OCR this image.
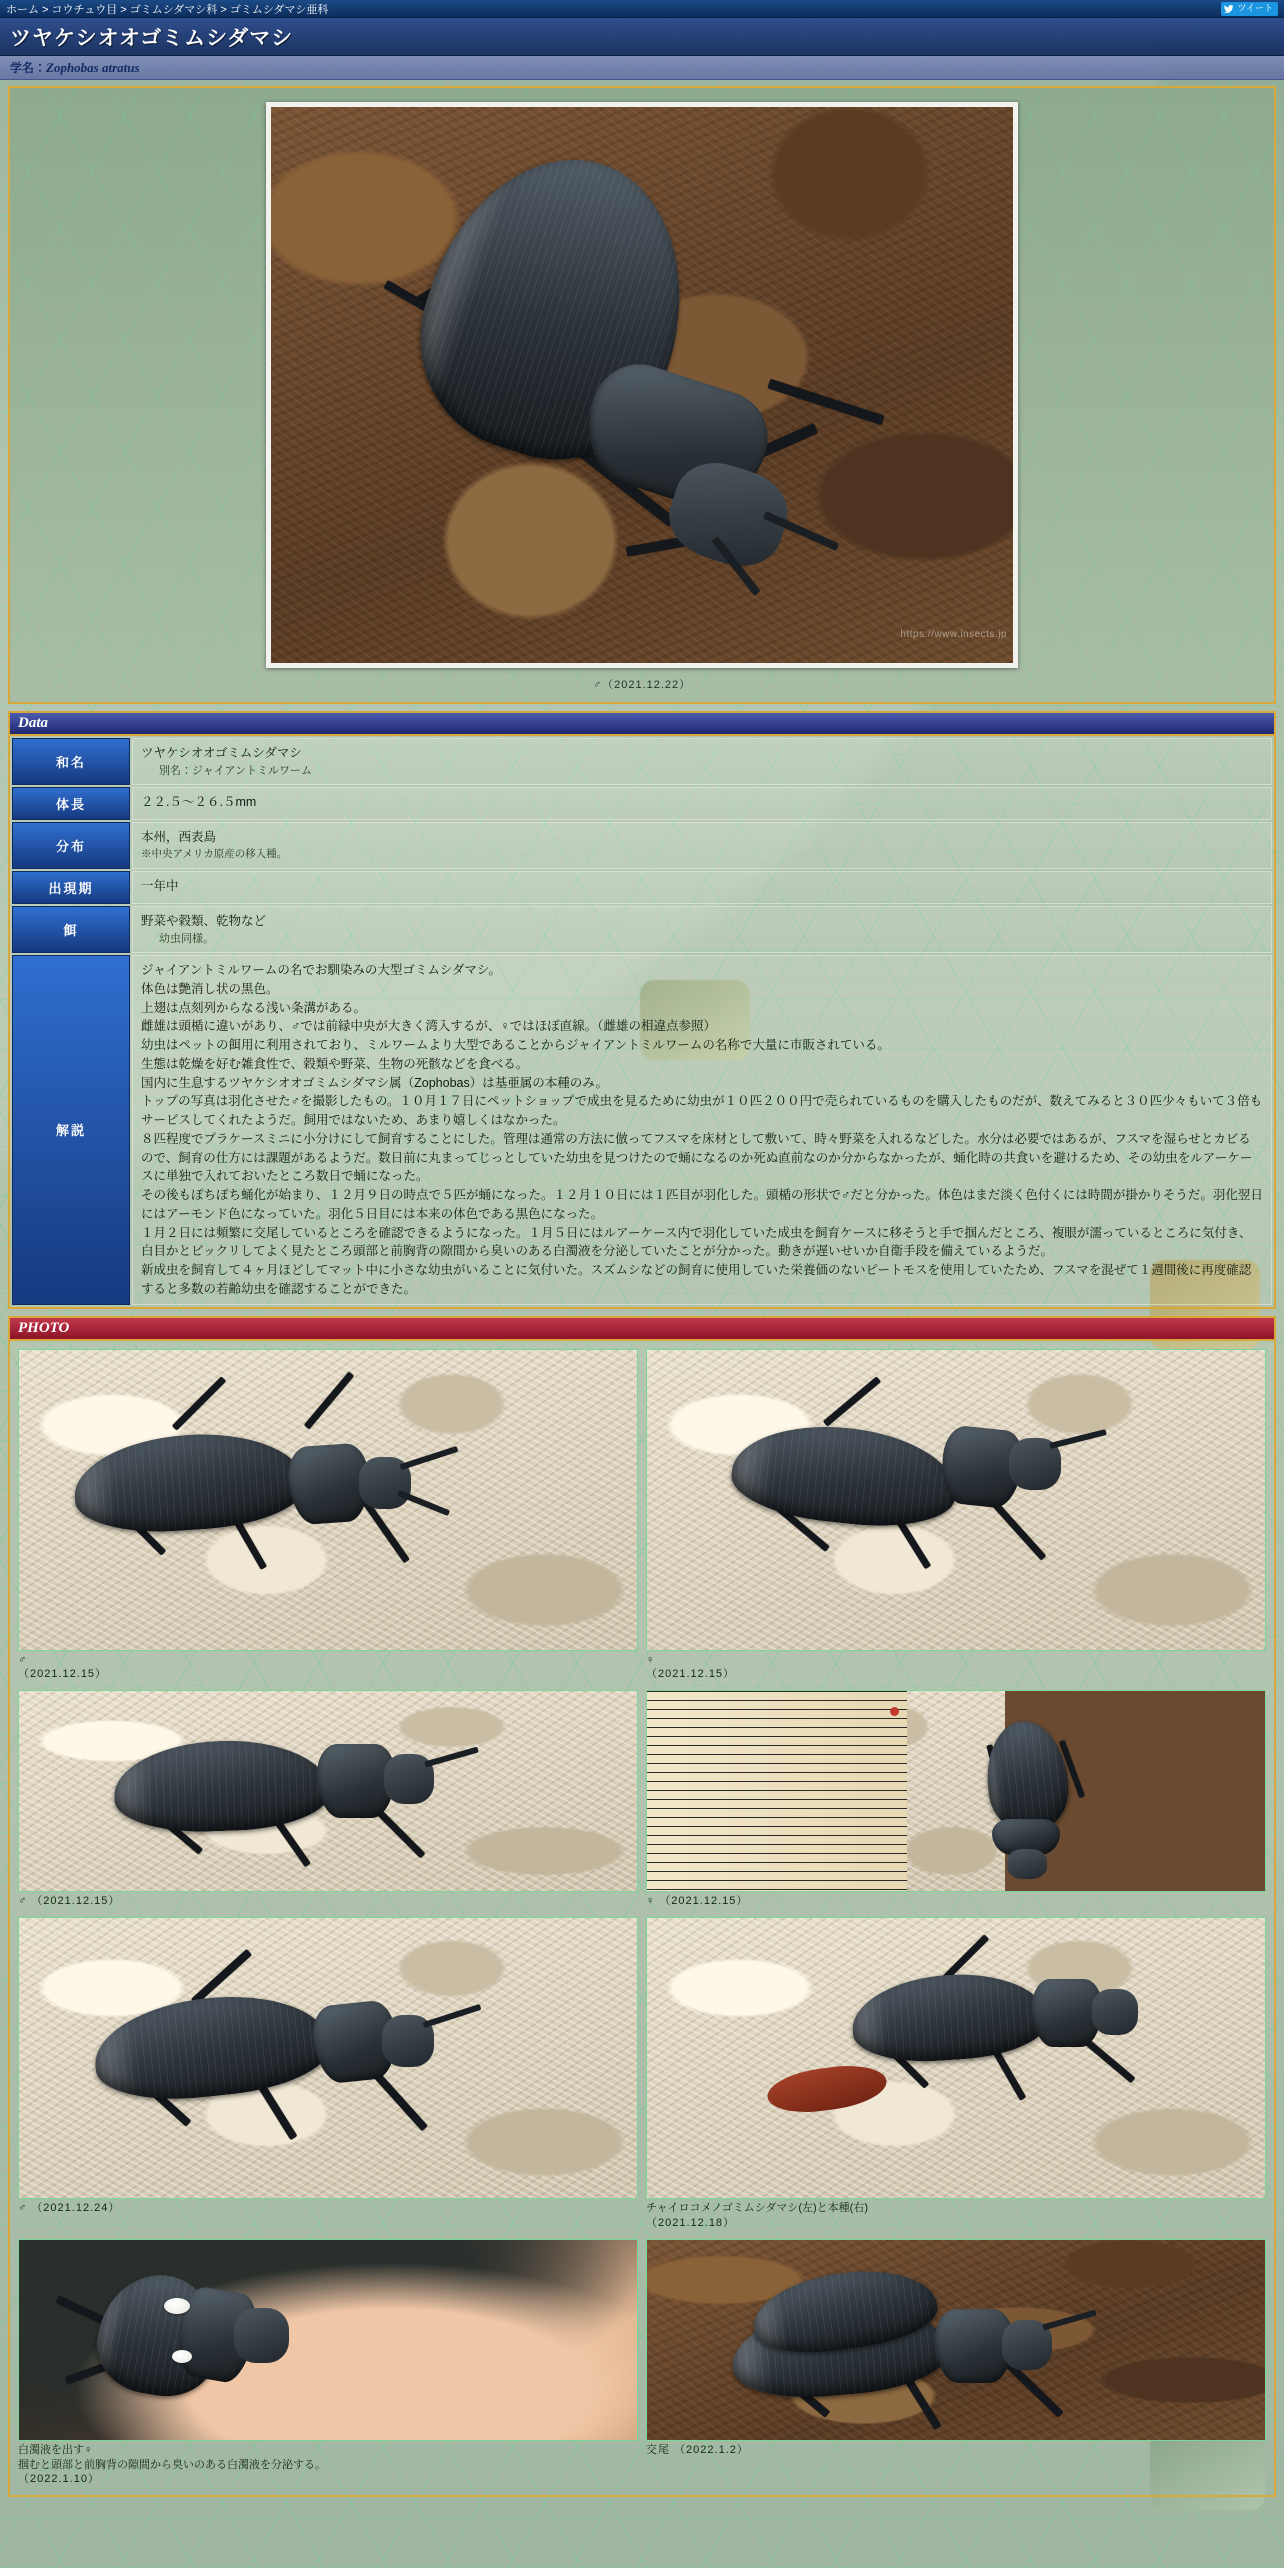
ホーム > コウチュウ目 > ゴミムシダマシ科 > ゴミムシダマシ亜科	ツイート
ツヤケシオオゴミムシダマシ
学名：Zophobas atratus
♂（2021.12.22）
Data
和名	ツヤケシオオゴミムシダマシ
別名：ジャイアントミルワーム

体長	２２.５～２６.５mm

分布	本州，西表島
※中央アメリカ原産の移入種。

出現期	一年中

餌	野菜や穀類、乾物など
幼虫同様。

解説	
ジャイアントミルワームの名でお馴染みの大型ゴミムシダマシ。
体色は艶消し状の黒色。
上翅は点刻列からなる浅い条溝がある。
雌雄は頭楯に違いがあり、♂では前縁中央が大きく湾入するが、♀ではほぼ直線。（雌雄の相違点参照）
幼虫はペットの餌用に利用されており、ミルワームより大型であることからジャイアントミルワームの名称で大量に市販されている。
生態は乾燥を好む雑食性で、穀類や野菜、生物の死骸などを食べる。
国内に生息するツヤケシオオゴミムシダマシ属（Zophobas）は基亜属の本種のみ。
トップの写真は羽化させた♂を撮影したもの。１０月１７日にペットショップで成虫を見るために幼虫が１０匹２００円で売られているものを購入したものだが、数えてみると３０匹少々もいて３倍もサービスしてくれたようだ。飼用ではないため、あまり嬉しくはなかった。
８匹程度でプラケースミニに小分けにして飼育することにした。管理は通常の方法に倣ってフスマを床材として敷いて、時々野菜を入れるなどした。水分は必要ではあるが、フスマを湿らせとカビるので、飼育の仕方には課題があるようだ。数日前に丸まってじっとしていた幼虫を見つけたので蛹になるのか死ぬ直前なのか分からなかったが、蛹化時の共食いを避けるため、その幼虫をルアーケースに単独で入れておいたところ数日で蛹になった。
その後もぽちぽち蛹化が始まり、１２月９日の時点で５匹が蛹になった。１２月１０日には１匹目が羽化した。頭楯の形状で♂だと分かった。体色はまだ淡く色付くには時間が掛かりそうだ。羽化翌日にはアーモンド色になっていた。羽化５日目には本来の体色である黒色になった。
１月２日には頻繁に交尾しているところを確認できるようになった。１月５日にはルアーケース内で羽化していた成虫を飼育ケースに移そうと手で掴んだところ、複眼が濡っているところに気付き、白目かとビックリしてよく見たところ頭部と前胸背の隙間から臭いのある白濁液を分泌していたことが分かった。動きが遅いせいか自衛手段を備えているようだ。
新成虫を飼育して４ヶ月ほどしてマット中に小さな幼虫がいることに気付いた。スズムシなどの飼育に使用していた栄養価のないピートモスを使用していたため、フスマを混ぜて１週間後に再度確認すると多数の若齢幼虫を確認することができた。
PHOTO
♂
（2021.12.15）
♀
（2021.12.15）
♂ （2021.12.15）	♀ （2021.12.15）
♂ （2021.12.24）	チャイロコメノゴミムシダマシ(左)と本種(右)
（2021.12.18）
白濁液を出す♀
掴むと頭部と前胸背の隙間から臭いのある白濁液を分泌する。
（2022.1.10）
交尾 （2022.1.2）
